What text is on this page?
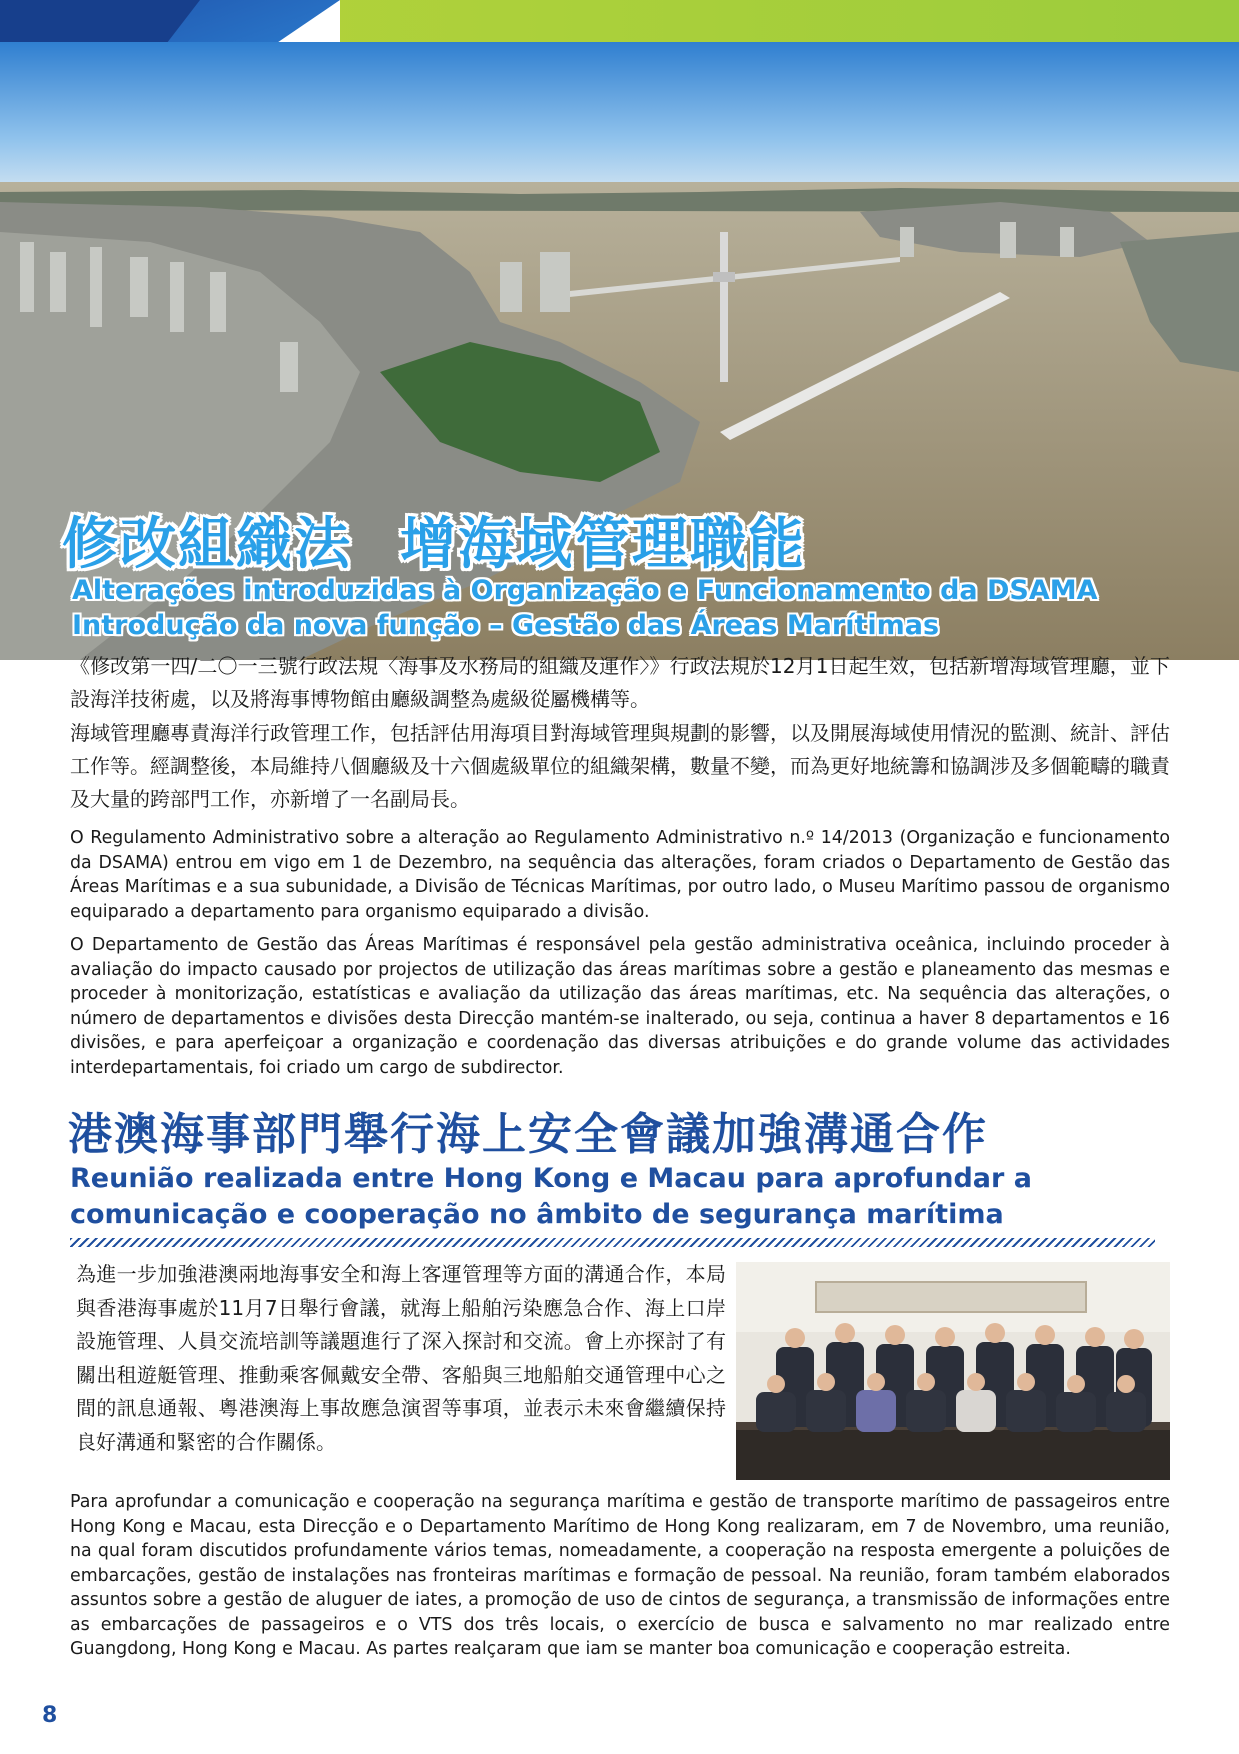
修改組織法 增海域管理職能
Alterações introduzidas à Organização e Funcionamento da DSAMA
Introdução da nova função – Gestão das Áreas Marítimas
《修改第一四/二〇一三號行政法規〈海事及水務局的組織及運作〉》行政法規於12月1日起生效，包括新增海域管理廳，並下設海洋技術處，以及將海事博物館由廳級調整為處級從屬機構等。
海域管理廳專責海洋行政管理工作，包括評估用海項目對海域管理與規劃的影響，以及開展海域使用情況的監測、統計、評估工作等。經調整後，本局維持八個廳級及十六個處級單位的組織架構，數量不變，而為更好地統籌和協調涉及多個範疇的職責及大量的跨部門工作，亦新增了一名副局長。
O Regulamento Administrativo sobre a alteração ao Regulamento Administrativo n.º 14/2013 (Organização e funcionamento da DSAMA) entrou em vigo em 1 de Dezembro, na sequência das alterações, foram criados o Departamento de Gestão das Áreas Marítimas e a sua subunidade, a Divisão de Técnicas Marítimas, por outro lado, o Museu Marítimo passou de organismo equiparado a departamento para organismo equiparado a divisão.
O Departamento de Gestão das Áreas Marítimas é responsável pela gestão administrativa oceânica, incluindo proceder à avaliação do impacto causado por projectos de utilização das áreas marítimas sobre a gestão e planeamento das mesmas e proceder à monitorização, estatísticas e avaliação da utilização das áreas marítimas, etc. Na sequência das alterações, o número de departamentos e divisões desta Direcção mantém-se inalterado, ou seja, continua a haver 8 departamentos e 16 divisões, e para aperfeiçoar a organização e coordenação das diversas atribuições e do grande volume das actividades interdepartamentais, foi criado um cargo de subdirector.
港澳海事部門舉行海上安全會議加強溝通合作
Reunião realizada entre Hong Kong e Macau para aprofundar a
comunicação e cooperação no âmbito de segurança marítima
為進一步加強港澳兩地海事安全和海上客運管理等方面的溝通合作，本局與香港海事處於11月7日舉行會議，就海上船舶污染應急合作、海上口岸設施管理、人員交流培訓等議題進行了深入探討和交流。會上亦探討了有關出租遊艇管理、推動乘客佩戴安全帶、客船與三地船舶交通管理中心之間的訊息通報、粵港澳海上事故應急演習等事項，並表示未來會繼續保持良好溝通和緊密的合作關係。
Para aprofundar a comunicação e cooperação na segurança marítima e gestão de transporte marítimo de passageiros entre Hong Kong e Macau, esta Direcção e o Departamento Marítimo de Hong Kong realizaram, em 7 de Novembro, uma reunião, na qual foram discutidos profundamente vários temas, nomeadamente, a cooperação na resposta emergente a poluições de embarcações, gestão de instalações nas fronteiras marítimas e formação de pessoal. Na reunião, foram também elaborados assuntos sobre a gestão de aluguer de iates, a promoção de uso de cintos de segurança, a transmissão de informações entre as embarcações de passageiros e o VTS dos três locais, o exercício de busca e salvamento no mar realizado entre Guangdong, Hong Kong e Macau. As partes realçaram que iam se manter boa comunicação e cooperação estreita.
8
